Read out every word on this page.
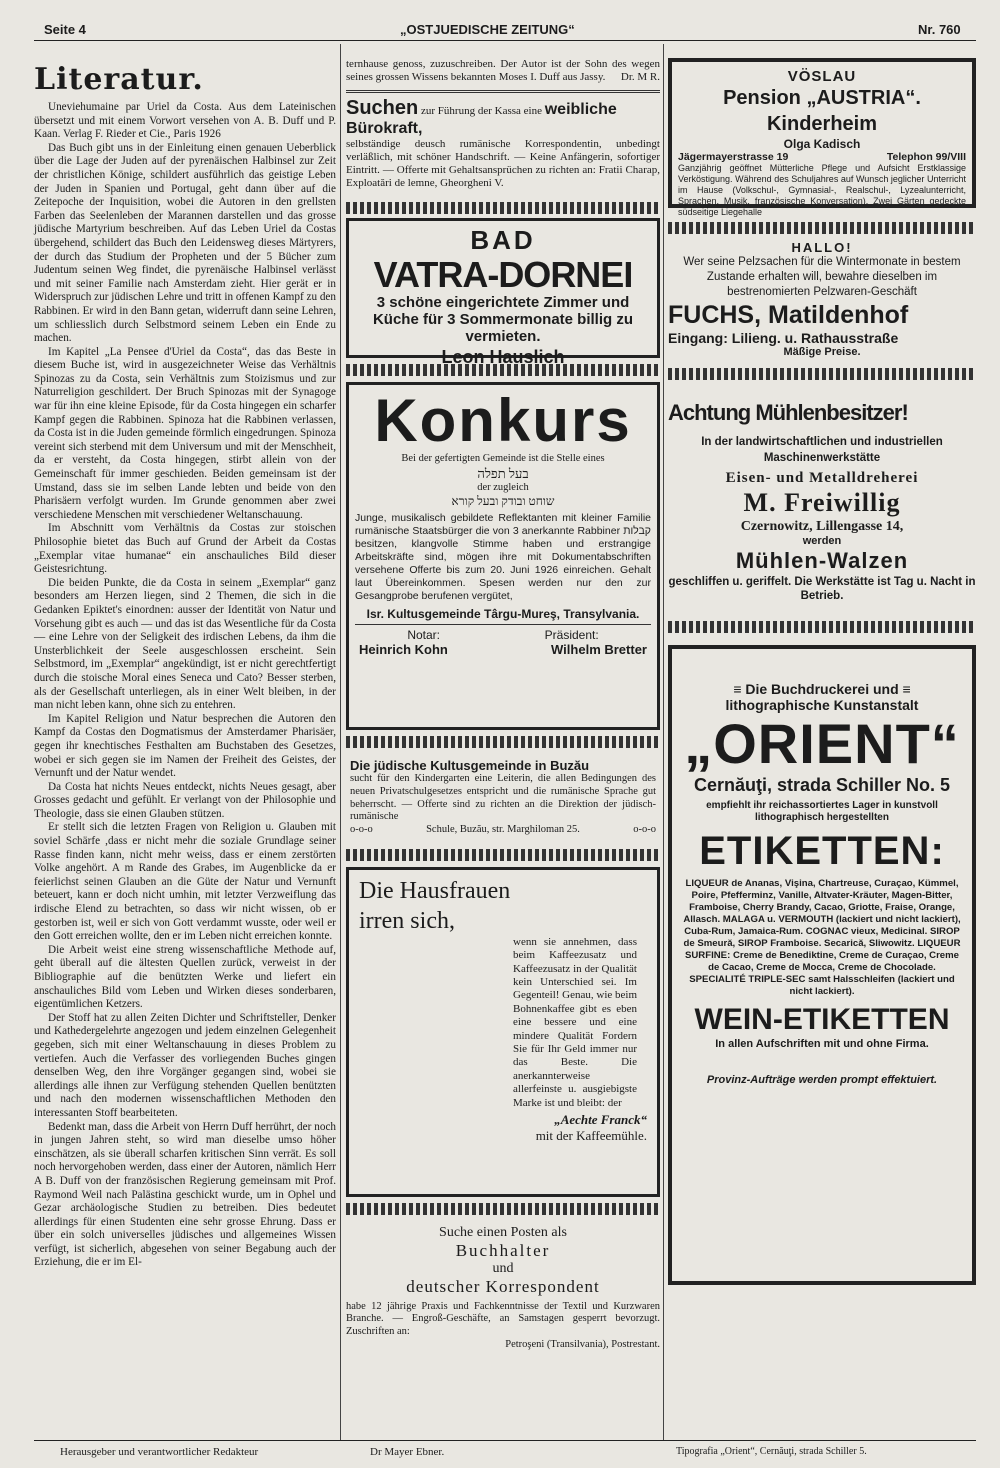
Seite 4	„OSTJUEDISCHE ZEITUNG“	Nr. 760
Literatur.

Uneviehumaine par Uriel da Costa. Aus dem Lateinischen übersetzt und mit einem Vorwort versehen von A. B. Duff und P. Kaan. Verlag F. Rieder et Cie., Paris 1926

Das Buch gibt uns in der Einleitung einen genauen Ueberblick über die Lage der Juden auf der pyrenäischen Halbinsel zur Zeit der christlichen Könige, schildert ausführlich das geistige Leben der Juden in Spanien und Portugal, geht dann über auf die Zeitepoche der Inquisition, wobei die Autoren in den grellsten Farben das Seelenleben der Marannen darstellen und das grosse jüdische Martyrium beschreiben. Auf das Leben Uriel da Costas übergehend, schildert das Buch den Leidensweg dieses Märtyrers, der durch das Studium der Propheten und der 5 Bücher zum Judentum seinen Weg findet, die pyrenäische Halbinsel verlässt und mit seiner Familie nach Amsterdam zieht. Hier gerät er in Widerspruch zur jüdischen Lehre und tritt in offenen Kampf zu den Rabbinen. Er wird in den Bann getan, widerruft dann seine Lehren, um schliesslich durch Selbstmord seinem Leben ein Ende zu machen.

Im Kapitel „La Pensee d'Uriel da Costa“, das das Beste in diesem Buche ist, wird in ausgezeichneter Weise das Verhältnis Spinozas zu da Costa, sein Verhältnis zum Stoizismus und zur Naturreligion geschildert. Der Bruch Spinozas mit der Synagoge war für ihn eine kleine Episode, für da Costa hingegen ein scharfer Kampf gegen die Rabbinen. Spinoza hat die Rabbinen verlassen, da Costa ist in die Juden gemeinde förmlich eingedrungen. Spinoza vereint sich sterbend mit dem Universum und mit der Menschheit, da er versteht, da Costa hingegen, stirbt allein von der Gemeinschaft für immer geschieden. Beiden gemeinsam ist der Umstand, dass sie im selben Lande lebten und beide von den Pharisäern verfolgt wurden. Im Grunde genommen aber zwei verschiedene Menschen mit verschiedener Weltanschauung.

Im Abschnitt vom Verhältnis da Costas zur stoischen Philosophie bietet das Buch auf Grund der Arbeit da Costas „Exemplar vitae humanae“ ein anschauliches Bild dieser Geistesrichtung.

Die beiden Punkte, die da Costa in seinem „Exemplar“ ganz besonders am Herzen liegen, sind 2 Themen, die sich in die Gedanken Epiktet's einordnen: ausser der Identität von Natur und Vorsehung gibt es auch — und das ist das Wesentliche für da Costa — eine Lehre von der Seligkeit des irdischen Lebens, da ihm die Unsterblichkeit der Seele ausgeschlossen erscheint. Sein Selbstmord, im „Exemplar“ angekündigt, ist er nicht gerechtfertigt durch die stoische Moral eines Seneca und Cato? Besser sterben, als der Gesellschaft unterliegen, als in einer Welt bleiben, in der man nicht leben kann, ohne sich zu entehren.

Im Kapitel Religion und Natur besprechen die Autoren den Kampf da Costas den Dogmatismus der Amsterdamer Pharisäer, gegen ihr knechtisches Festhalten am Buchstaben des Gesetzes, wobei er sich gegen sie im Namen der Freiheit des Geistes, der Vernunft und der Natur wendet.

Da Costa hat nichts Neues entdeckt, nichts Neues gesagt, aber Grosses gedacht und gefühlt. Er verlangt von der Philosophie und Theologie, dass sie einen Glauben stützen.

Er stellt sich die letzten Fragen von Religion u. Glauben mit soviel Schärfe ,dass er nicht mehr die soziale Grundlage seiner Rasse finden kann, nicht mehr weiss, dass er einem zerstörten Volke angehört. A m Rande des Grabes, im Augenblicke da er feierlichst seinen Glauben an die Güte der Natur und Vernunft beteuert, kann er doch nicht umhin, mit letzter Verzweiflung das irdische Elend zu betrachten, so dass wir nicht wissen, ob er gestorben ist, weil er sich von Gott verdammt wusste, oder weil er den Gott erreichen wollte, den er im Leben nicht erreichen konnte.

Die Arbeit weist eine streng wissenschaftliche Methode auf, geht überall auf die ältesten Quellen zurück, verweist in der Bibliographie auf die benützten Werke und liefert ein anschauliches Bild vom Leben und Wirken dieses sonderbaren, eigentümlichen Ketzers.

Der Stoff hat zu allen Zeiten Dichter und Schriftsteller, Denker und Kathedergelehrte angezogen und jedem einzelnen Gelegenheit gegeben, sich mit einer Weltanschauung in dieses Problem zu vertiefen. Auch die Verfasser des vorliegenden Buches gingen denselben Weg, den ihre Vorgänger gegangen sind, wobei sie allerdings alle ihnen zur Verfügung stehenden Quellen benützten und nach den modernen wissenschaftlichen Methoden den interessanten Stoff bearbeiteten.

Bedenkt man, dass die Arbeit von Herrn Duff herrührt, der noch in jungen Jahren steht, so wird man dieselbe umso höher einschätzen, als sie überall scharfen kritischen Sinn verrät. Es soll noch hervorgehoben werden, dass einer der Autoren, nämlich Herr A B. Duff von der französischen Regierung gemeinsam mit Prof. Raymond Weil nach Palästina geschickt wurde, um in Ophel und Gezar archäologische Studien zu betreiben. Dies bedeutet allerdings für einen Studenten eine sehr grosse Ehrung. Dass er über ein solch universelles jüdisches und allgemeines Wissen verfügt, ist sicherlich, abgesehen von seiner Begabung auch der Erziehung, die er im El-

ternhause genoss, zuzuschreiben. Der Autor ist der Sohn des wegen seines grossen Wissens bekannten Moses I. Duff aus Jassy. Dr. M R.
Suchen zur Führung der Kassa eine weibliche Bürokraft,
selbständige deusch rumänische Korrespondentin, unbedingt verläßlich, mit schöner Handschrift. — Keine Anfängerin, sofortiger Eintritt. — Offerte mit Gehaltsansprüchen zu richten an: Fratii Charap, Exploatări de lemne, Gheorgheni V.
BAD
VATRA-DORNEI
3 schöne eingerichtete Zimmer und Küche für 3 Sommermonate billig zu vermieten.
Leon Hauslich
Konkurs
Bei der gefertigten Gemeinde ist die Stelle eines
בעל תפלה
der zugleich
שוחט ובודק ובעל קורא
Junge, musikalisch gebildete Reflektanten mit kleiner Familie rumänische Staatsbürger die von 3 anerkannte Rabbiner קבלות besitzen, klangvolle Stimme haben und erstrangige Arbeitskräfte sind, mögen ihre mit Dokumentabschriften versehene Offerte bis zum 20. Juni 1926 einreichen. Gehalt laut Übereinkommen. Spesen werden nur den zur Gesangprobe berufenen vergütet,
Isr. Kultusgemeinde Târgu-Mureş, Transylvania.
Notar:	Präsident:
Heinrich Kohn	Wilhelm Bretter
Die jüdische Kultusgemeinde in Buzău
sucht für den Kindergarten eine Leiterin, die allen Bedingungen des neuen Privatschulgesetzes entspricht und die rumänische Sprache gut beherrscht. — Offerte sind zu richten an die Direktion der jüdisch-rumänische
o-o-o	Schule, Buzău, str. Marghiloman 25.	o-o-o
Die Hausfrauen
irren sich,
wenn sie annehmen, dass beim Kaffeezusatz und Kaffeezusatz in der Qualität kein Unterschied sei. Im Gegenteil! Genau, wie beim Bohnenkaffee gibt es eben eine bessere und eine mindere Qualität Fordern Sie für Ihr Geld immer nur das Beste. Die anerkannterweise allerfeinste u. ausgiebigste Marke ist und bleibt: der
„Aechte Franck“
mit der Kaffeemühle.
Suche einen Posten als
Buchhalter
und
deutscher Korrespondent
habe 12 jährige Praxis und Fachkenntnisse der Textil und Kurzwaren Branche. — Engroß-Geschäfte, an Samstagen gesperrt bevorzugt. Zuschriften an:
Petroşeni (Transilvania), Postrestant.
VÖSLAU
Pension „AUSTRIA“. Kinderheim
Olga Kadisch
Jägermayerstrasse 19	Telephon 99/VIII
Ganzjährig geöffnet Mütterliche Pflege und Aufsicht Erstklassige Verköstigung. Während des Schuljahres auf Wunsch jeglicher Unterricht im Hause (Volkschul-, Gymnasial-, Realschul-, Lyzealunterricht, Sprachen, Musik, französische Konversation). Zwei Gärten gedeckte südseitige Liegehalle
HALLO!
Wer seine Pelzsachen für die Wintermonate in bestem Zustande erhalten will, bewahre dieselben im bestrenomierten Pelzwaren-Geschäft
FUCHS, Matildenhof
Eingang: Lilieng. u. Rathausstraße
Mäßige Preise.
Achtung Mühlenbesitzer!
In der landwirtschaftlichen und industriellen Maschinenwerkstätte
Eisen- und Metalldreherei
M. Freiwillig
Czernowitz, Lillengasse 14,
werden
Mühlen-Walzen
geschliffen u. geriffelt. Die Werkstätte ist Tag u. Nacht in Betrieb.
≡ Die Buchdruckerei und ≡
lithographische Kunstanstalt
„ORIENT“
Cernăuţi, strada Schiller No. 5
empfiehlt ihr reichassortiertes Lager in kunstvoll lithographisch hergestellten
ETIKETTEN:
LIQUEUR de Ananas, Vişina, Chartreuse, Curaçao, Kümmel, Poire, Pfefferminz, Vanille, Altvater-Kräuter, Magen-Bitter, Framboise, Cherry Brandy, Cacao, Griotte, Fraise, Orange, Allasch. MALAGA u. VERMOUTH (lackiert und nicht lackiert), Cuba-Rum, Jamaica-Rum. COGNAC vieux, Medicinal. SIROP de Smeură, SIROP Framboise. Secarică, Sliwowitz. LIQUEUR SURFINE: Creme de Benediktine, Creme de Curaçao, Creme de Cacao, Creme de Mocca, Creme de Chocolade. SPECIALITÉ TRIPLE-SEC samt Halsschleifen (lackiert und nicht lackiert).
WEIN-ETIKETTEN
In allen Aufschriften mit und ohne Firma.
Provinz-Aufträge werden prompt effektuiert.
Herausgeber und verantwortlicher Redakteur	Dr Mayer Ebner.	Tipografia „Orient“, Cernăuţi, strada Schiller 5.
